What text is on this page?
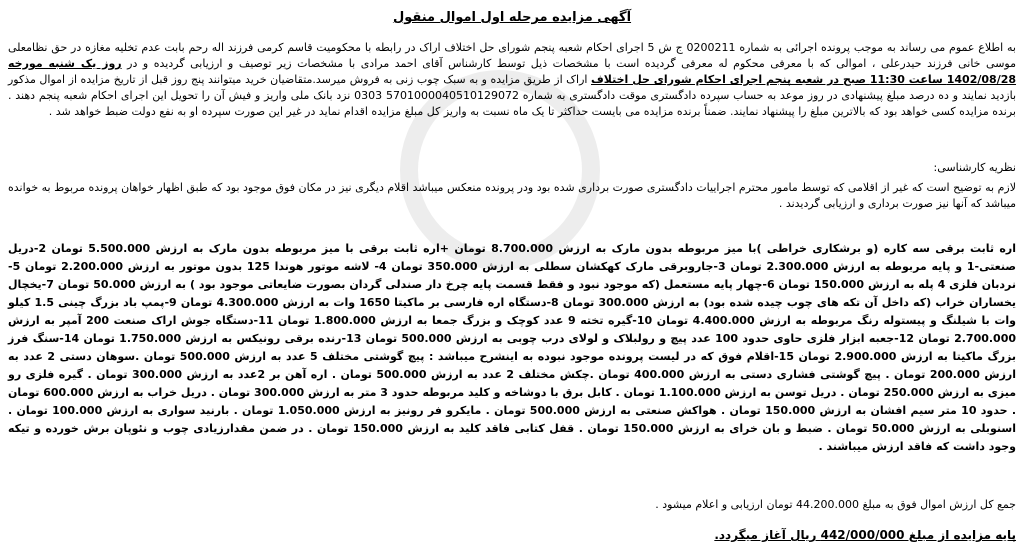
آگهی مزایده مرحله اول اموال منقول
به اطلاع عموم می رساند به موجب پرونده اجرائی به شماره 0200211 ج ش 5 اجرای احکام شعبه پنجم شورای حل اختلاف اراک در رابطه با محکومیت قاسم کرمی فرزند اله رحم بابت عدم تخلیه مغازه در حق نظامعلی موسی خانی فرزند حیدرعلی ، اموالی که با معرفی محکوم له معرفی گردیده است با مشخصات ذیل توسط کارشناس آقای احمد مرادی با مشخصات زیر توصیف و ارزیابی گردیده و در روز یک شنبه مورخه 1402/08/28 ساعت 11:30 صبح در شعبه پنجم اجرای احکام شورای حل اختلاف اراک از طریق مزایده و به سبک چوب زنی به فروش میرسد.متقاضیان خرید میتوانند پنج روز قبل از تاریخ مزایده از اموال مذکور بازدید نمایند و ده درصد مبلغ پیشنهادی در روز موعد به حساب سپرده دادگستری موقت دادگستری به شماره 5701000040510129072 0303 نزد بانک ملی واریز و فیش آن را تحویل این اجرای احکام شعبه پنجم دهند . برنده مزایده کسی خواهد بود که بالاترین مبلغ را پیشنهاد نمایند. ضمناً برنده مزایده می بایست حداکثر تا یک ماه نسبت به واریز کل مبلغ مزایده اقدام نماید در غیر این صورت سپرده او به نفع دولت ضبط خواهد شد .
نظریه کارشناسی:
لازم به توضیح است که غیر از اقلامی که توسط مامور محترم اجراییات دادگستری صورت برداری شده بود ودر پرونده منعکس میباشد اقلام دیگری نیز در مکان فوق موجود بود که طبق اظهار خواهان پرونده مربوط به خوانده میباشد که آنها نیز صورت برداری و ارزیابی گردیدند .
اره ثابت برقی سه کاره (و برشکاری خراطی )با میز مربوطه بدون مارک به ارزش 8.700.000 تومان +اره ثابت برقی با میز مربوطه بدون مارک به ارزش 5.500.000 تومان 2-دریل صنعتی-1 و پایه مربوطه به ارزش 2.300.000 تومان 3-جاروبرقی مارک کهکشان سطلی به ارزش 350.000 تومان 4- لاشه موتور هوندا 125 بدون موتور به ارزش 2.200.000 تومان 5-نردبان فلزی 4 پله به ارزش 150.000 تومان 6-چهار پایه مستعمل (که موجود نبود و فقط قسمت پایه چرخ دار صندلی گردان بصورت ضایعاتی موجود بود ) به ارزش 50.000 تومان 7-یخچال یخساران خراب (که داخل آن تکه های چوب چیده شده بود) به ارزش 300.000 تومان 8-دستگاه اره فارسی بر ماکیتا 1650 وات به ارزش 4.300.000 تومان 9-پمپ باد بزرگ چینی 1.5 کیلو وات با شیلنگ و پیستوله رنگ مربوطه به ارزش 4.400.000 تومان 10-گیره تخته 9 عدد کوچک و بزرگ جمعا به ارزش 1.800.000 تومان 11-دستگاه جوش اراک صنعت 200 آمپر به ارزش 2.700.000 تومان 12-جعبه ابزار فلزی حاوی حدود 100 عدد پیچ و رولبلاک و لولای درب چوبی به ارزش 500.000 تومان 13-رنده برقی رونیکس به ارزش 1.750.000 تومان 14-سنگ فرز بزرگ ماکیتا به ارزش 2.900.000 تومان 15-اقلام فوق که در لیست پرونده موجود نبوده به اینشرح میباشد : پیچ گوشتی مختلف 5 عدد به ارزش 500.000 تومان .سوهان دستی 2 عدد به ارزش 200.000 تومان . پیچ گوشتی فشاری دستی به ارزش 400.000 تومان .چکش مختلف 2 عدد به ارزش 500.000 تومان . اره آهن بر 2عدد به ارزش 300.000 تومان . گیره فلزی رو میزی به ارزش 250.000 تومان . دریل توسن به ارزش 1.100.000 تومان . کابل برق با دوشاخه و کلید مربوطه حدود 3 متر به ارزش 300.000 تومان . دریل خراب به ارزش 600.000 تومان . حدود 10 متر سیم افشان به ارزش 150.000 تومان . هواکش صنعتی به ارزش 500.000 تومان . مایکرو فر رونیز به ارزش 1.050.000 تومان . بارنید سواری به ارزش 100.000 تومان . اسنوبلی به ارزش 50.000 تومان . ضبط و بان خرای به ارزش 150.000 تومان . قفل کتابی فاقد کلید به ارزش 150.000 تومان . در ضمن مقدارزیادی چوب و نئوپان برش خورده و تیکه وجود داشت که فاقد ارزش میباشند .
جمع کل ارزش اموال فوق به مبلغ 44.200.000 تومان ارزیابی و اعلام میشود .
پایه مزایده از مبلغ 442/000/000 ریال آغاز میگردد.
